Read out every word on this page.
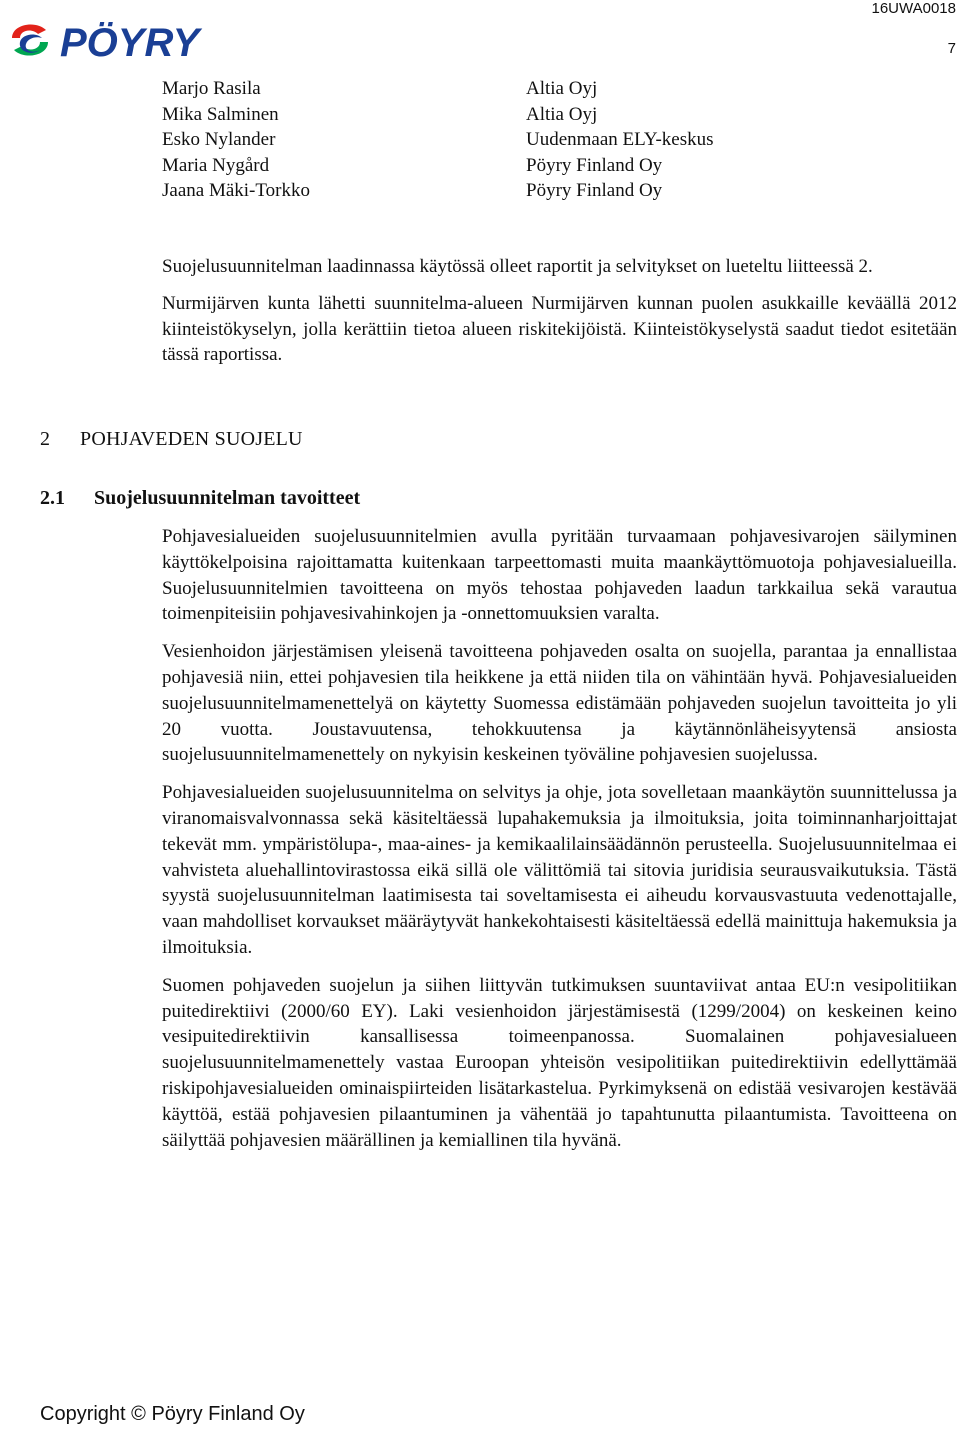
PÖYRY
16UWA0018
7
Marjo Rasila	Altia Oyj
Mika Salminen	Altia Oyj
Esko Nylander	Uudenmaan ELY-keskus
Maria Nygård	Pöyry Finland Oy
Jaana Mäki-Torkko	Pöyry Finland Oy

Suojelusuunnitelman laadinnassa käytössä olleet raportit ja selvitykset on lueteltu liitteessä 2.

Nurmijärven kunta lähetti suunnitelma-alueen Nurmijärven kunnan puolen asukkaille keväällä 2012 kiinteistökyselyn, jolla kerättiin tietoa alueen riskitekijöistä. Kiinteistökyselystä saadut tiedot esitetään tässä raportissa.

2 POHJAVEDEN SUOJELU
2.1 Suojelusuunnitelman tavoitteet

Pohjavesialueiden suojelusuunnitelmien avulla pyritään turvaamaan pohjavesivarojen säilyminen käyttökelpoisina rajoittamatta kuitenkaan tarpeettomasti muita maankäyttömuotoja pohjavesialueilla. Suojelusuunnitelmien tavoitteena on myös tehostaa pohjaveden laadun tarkkailua sekä varautua toimenpiteisiin pohjavesivahinkojen ja -onnettomuuksien varalta.

Vesienhoidon järjestämisen yleisenä tavoitteena pohjaveden osalta on suojella, parantaa ja ennallistaa pohjavesiä niin, ettei pohjavesien tila heikkene ja että niiden tila on vähintään hyvä. Pohjavesialueiden suojelusuunnitelmamenettelyä on käytetty Suomessa edistämään pohjaveden suojelun tavoitteita jo yli 20 vuotta. Joustavuutensa, tehokkuutensa ja käytännönläheisyytensä ansiosta suojelusuunnitelmamenettely on nykyisin keskeinen työväline pohjavesien suojelussa.

Pohjavesialueiden suojelusuunnitelma on selvitys ja ohje, jota sovelletaan maankäytön suunnittelussa ja viranomaisvalvonnassa sekä käsiteltäessä lupahakemuksia ja ilmoituksia, joita toiminnanharjoittajat tekevät mm. ympäristölupa-, maa-aines- ja kemikaalilainsäädännön perusteella. Suojelusuunnitelmaa ei vahvisteta aluehallintovirastossa eikä sillä ole välittömiä tai sitovia juridisia seurausvaikutuksia. Tästä syystä suojelusuunnitelman laatimisesta tai soveltamisesta ei aiheudu korvausvastuuta vedenottajalle, vaan mahdolliset korvaukset määräytyvät hankekohtaisesti käsiteltäessä edellä mainittuja hakemuksia ja ilmoituksia.

Suomen pohjaveden suojelun ja siihen liittyvän tutkimuksen suuntaviivat antaa EU:n vesipolitiikan puitedirektiivi (2000/60 EY). Laki vesienhoidon järjestämisestä (1299/2004) on keskeinen keino vesipuitedirektiivin kansallisessa toimeenpanossa. Suomalainen pohjavesialueen suojelusuunnitelmamenettely vastaa Euroopan yhteisön vesipolitiikan puitedirektiivin edellyttämää riskipohjavesialueiden ominaispiirteiden lisätarkastelua. Pyrkimyksenä on edistää vesivarojen kestävää käyttöä, estää pohjavesien pilaantuminen ja vähentää jo tapahtunutta pilaantumista. Tavoitteena on säilyttää pohjavesien määrällinen ja kemiallinen tila hyvänä.

Copyright © Pöyry Finland Oy
